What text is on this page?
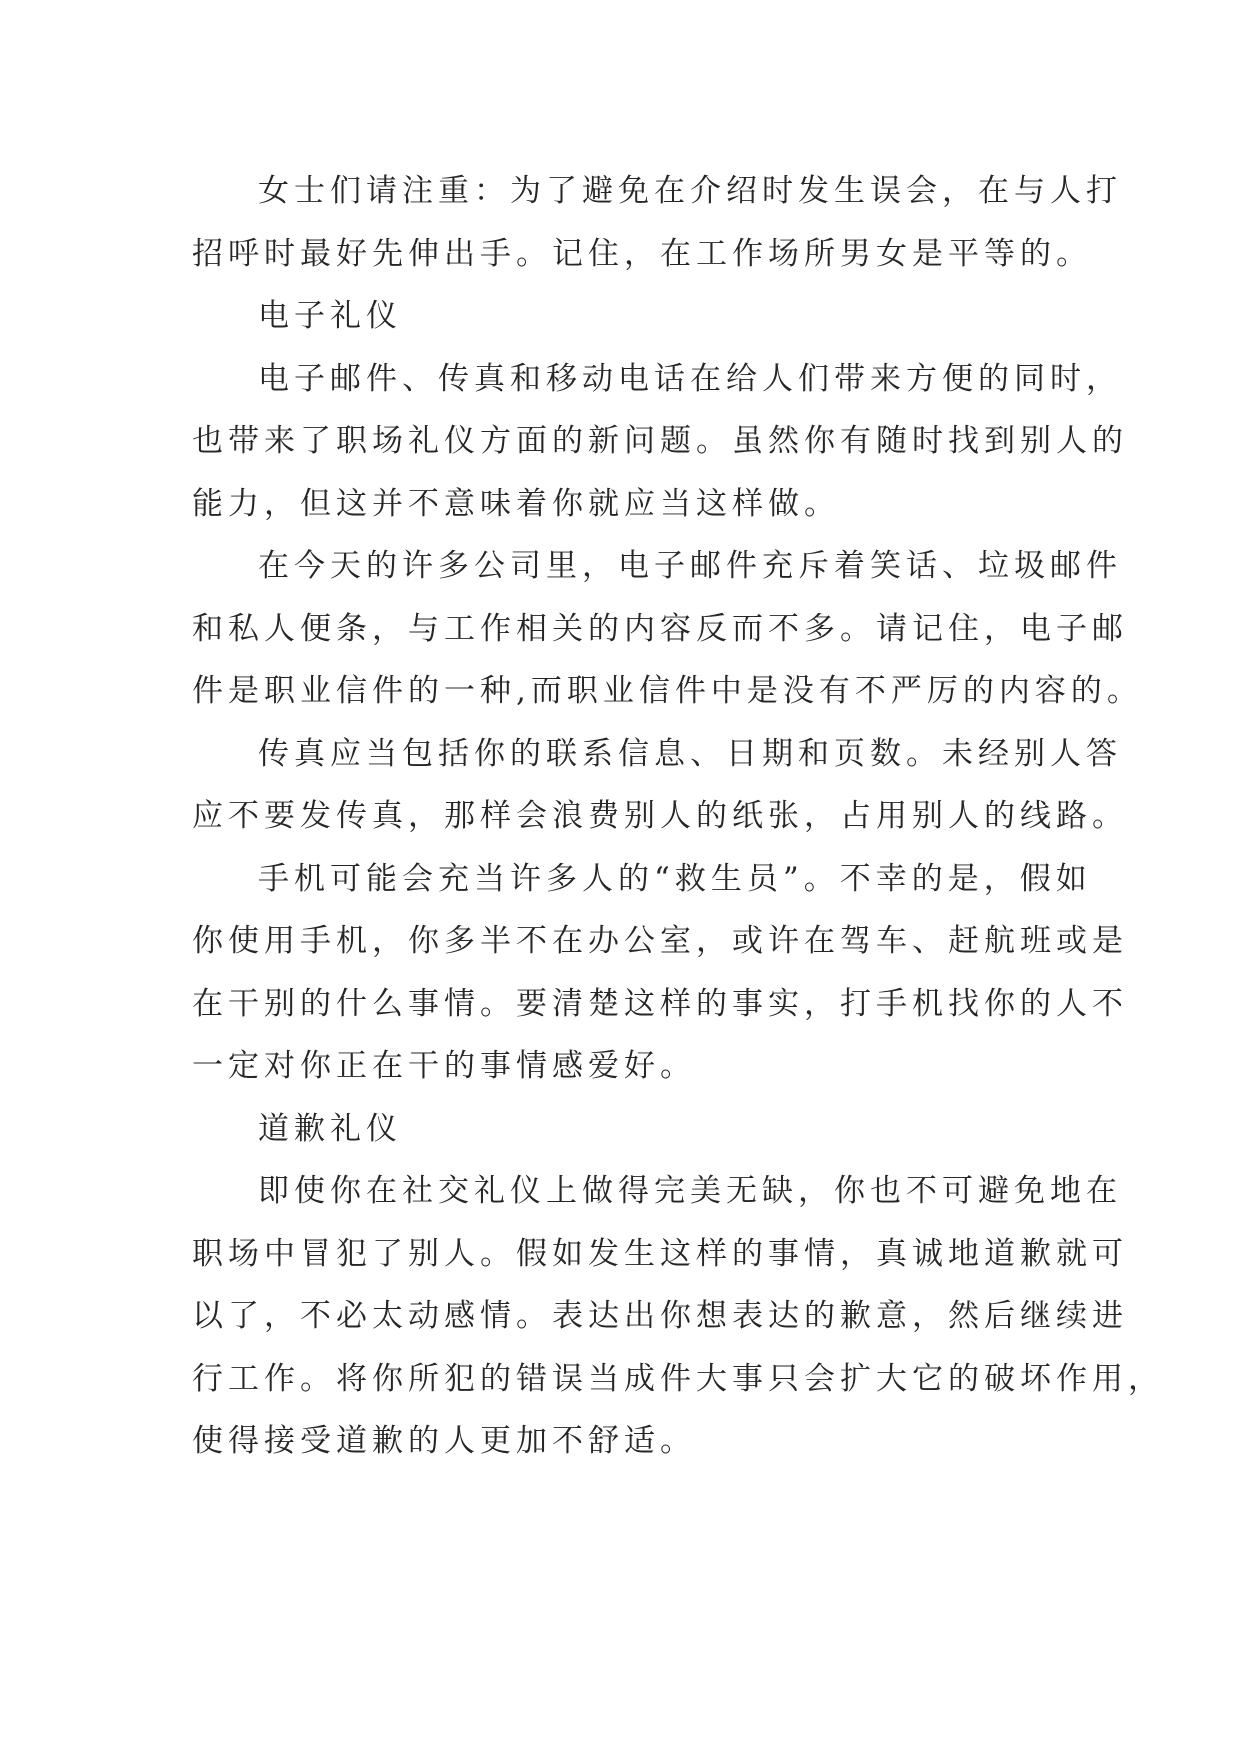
女士们请注重：为了避免在介绍时发生误会，在与人打
招呼时最好先伸出手。记住，在工作场所男女是平等的。
电子礼仪
电子邮件、传真和移动电话在给人们带来方便的同时，
也带来了职场礼仪方面的新问题。虽然你有随时找到别人的
能力，但这并不意味着你就应当这样做。
在今天的许多公司里，电子邮件充斥着笑话、垃圾邮件
和私人便条，与工作相关的内容反而不多。请记住，电子邮
件是职业信件的一种,而职业信件中是没有不严厉的内容的。
传真应当包括你的联系信息、日期和页数。未经别人答
应不要发传真，那样会浪费别人的纸张，占用别人的线路。
手机可能会充当许多人的“救生员”。不幸的是，假如
你使用手机，你多半不在办公室，或许在驾车、赶航班或是
在干别的什么事情。要清楚这样的事实，打手机找你的人不
一定对你正在干的事情感爱好。
道歉礼仪
即使你在社交礼仪上做得完美无缺，你也不可避免地在
职场中冒犯了别人。假如发生这样的事情，真诚地道歉就可
以了，不必太动感情。表达出你想表达的歉意，然后继续进
行工作。将你所犯的错误当成件大事只会扩大它的破坏作用，
使得接受道歉的人更加不舒适。
